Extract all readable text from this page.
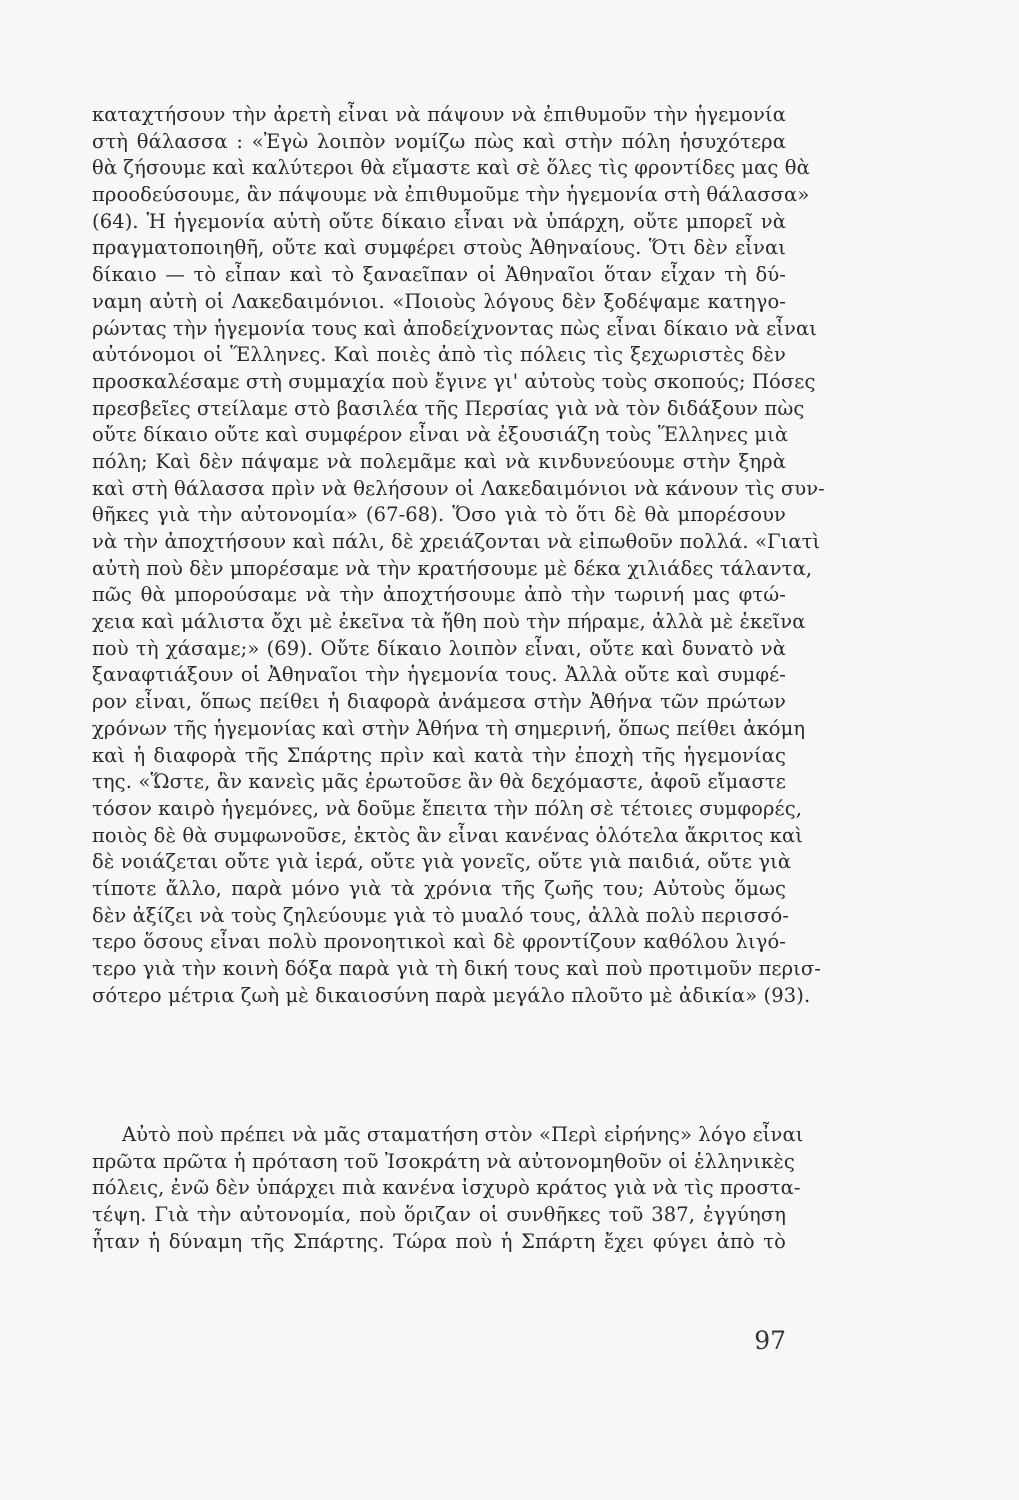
καταχτήσουν τὴν ἀρετὴ εἶναι νὰ πάψουν νὰ ἐπιθυμοῦν τὴν ἡγεμονία
στὴ θάλασσα : «Ἐγὼ λοιπὸν νομίζω πὼς καὶ στὴν πόλη ἡσυχότερα
θὰ ζήσουμε καὶ καλύτεροι θὰ εἴμαστε καὶ σὲ ὅλες τὶς φροντίδες μας θὰ
προοδεύσουμε, ἂν πάψουμε νὰ ἐπιθυμοῦμε τὴν ἡγεμονία στὴ θάλασσα»
(64). Ἡ ἡγεμονία αὐτὴ οὔτε δίκαιο εἶναι νὰ ὑπάρχη, οὔτε μπορεῖ νὰ
πραγματοποιηθῆ, οὔτε καὶ συμφέρει στοὺς Ἀθηναίους. Ὅτι δὲν εἶναι
δίκαιο — τὸ εἶπαν καὶ τὸ ξαναεῖπαν οἱ Ἀθηναῖοι ὅταν εἶχαν τὴ δύ-
ναμη αὐτὴ οἱ Λακεδαιμόνιοι. «Ποιοὺς λόγους δὲν ξοδέψαμε κατηγο-
ρώντας τὴν ἡγεμονία τους καὶ ἀποδείχνοντας πὼς εἶναι δίκαιο νὰ εἶναι
αὐτόνομοι οἱ Ἕλληνες. Καὶ ποιὲς ἀπὸ τὶς πόλεις τὶς ξεχωριστὲς δὲν
προσκαλέσαμε στὴ συμμαχία ποὺ ἔγινε γι' αὐτοὺς τοὺς σκοπούς; Πόσες
πρεσβεῖες στείλαμε στὸ βασιλέα τῆς Περσίας γιὰ νὰ τὸν διδάξουν πὼς
οὔτε δίκαιο οὔτε καὶ συμφέρον εἶναι νὰ ἐξουσιάζη τοὺς Ἕλληνες μιὰ
πόλη; Καὶ δὲν πάψαμε νὰ πολεμᾶμε καὶ νὰ κινδυνεύουμε στὴν ξηρὰ
καὶ στὴ θάλασσα πρὶν νὰ θελήσουν οἱ Λακεδαιμόνιοι νὰ κάνουν τὶς συν-
θῆκες γιὰ τὴν αὐτονομία» (67-68). Ὅσο γιὰ τὸ ὅτι δὲ θὰ μπορέσουν
νὰ τὴν ἀποχτήσουν καὶ πάλι, δὲ χρειάζονται νὰ εἰπωθοῦν πολλά. «Γιατὶ
αὐτὴ ποὺ δὲν μπορέσαμε νὰ τὴν κρατήσουμε μὲ δέκα χιλιάδες τάλαντα,
πῶς θὰ μπορούσαμε νὰ τὴν ἀποχτήσουμε ἀπὸ τὴν τωρινή μας φτώ-
χεια καὶ μάλιστα ὄχι μὲ ἐκεῖνα τὰ ἤθη ποὺ τὴν πήραμε, ἀλλὰ μὲ ἐκεῖνα
ποὺ τὴ χάσαμε;» (69). Οὔτε δίκαιο λοιπὸν εἶναι, οὔτε καὶ δυνατὸ νὰ
ξαναφτιάξουν οἱ Ἀθηναῖοι τὴν ἡγεμονία τους. Ἀλλὰ οὔτε καὶ συμφέ-
ρον εἶναι, ὅπως πείθει ἡ διαφορὰ ἀνάμεσα στὴν Ἀθήνα τῶν πρώτων
χρόνων τῆς ἡγεμονίας καὶ στὴν Ἀθήνα τὴ σημερινή, ὅπως πείθει ἀκόμη
καὶ ἡ διαφορὰ τῆς Σπάρτης πρὶν καὶ κατὰ τὴν ἐποχὴ τῆς ἡγεμονίας
της. «Ὥστε, ἂν κανεὶς μᾶς ἐρωτοῦσε ἂν θὰ δεχόμαστε, ἀφοῦ εἴμαστε
τόσον καιρὸ ἡγεμόνες, νὰ δοῦμε ἔπειτα τὴν πόλη σὲ τέτοιες συμφορές,
ποιὸς δὲ θὰ συμφωνοῦσε, ἐκτὸς ἂν εἶναι κανένας ὁλότελα ἄκριτος καὶ
δὲ νοιάζεται οὔτε γιὰ ἱερά, οὔτε γιὰ γονεῖς, οὔτε γιὰ παιδιά, οὔτε γιὰ
τίποτε ἄλλο, παρὰ μόνο γιὰ τὰ χρόνια τῆς ζωῆς του; Αὐτοὺς ὅμως
δὲν ἀξίζει νὰ τοὺς ζηλεύουμε γιὰ τὸ μυαλό τους, ἀλλὰ πολὺ περισσό-
τερο ὅσους εἶναι πολὺ προνοητικοὶ καὶ δὲ φροντίζουν καθόλου λιγό-
τερο γιὰ τὴν κοινὴ δόξα παρὰ γιὰ τὴ δική τους καὶ ποὺ προτιμοῦν περισ-
σότερο μέτρια ζωὴ μὲ δικαιοσύνη παρὰ μεγάλο πλοῦτο μὲ ἀδικία» (93).
Αὐτὸ ποὺ πρέπει νὰ μᾶς σταματήση στὸν «Περὶ εἰρήνης» λόγο εἶναι
πρῶτα πρῶτα ἡ πρόταση τοῦ Ἰσοκράτη νὰ αὐτονομηθοῦν οἱ ἑλληνικὲς
πόλεις, ἐνῶ δὲν ὑπάρχει πιὰ κανένα ἰσχυρὸ κράτος γιὰ νὰ τὶς προστα-
τέψη. Γιὰ τὴν αὐτονομία, ποὺ ὅριζαν οἱ συνθῆκες τοῦ 387, ἐγγύηση
ἦταν ἡ δύναμη τῆς Σπάρτης. Τώρα ποὺ ἡ Σπάρτη ἔχει φύγει ἀπὸ τὸ
97
